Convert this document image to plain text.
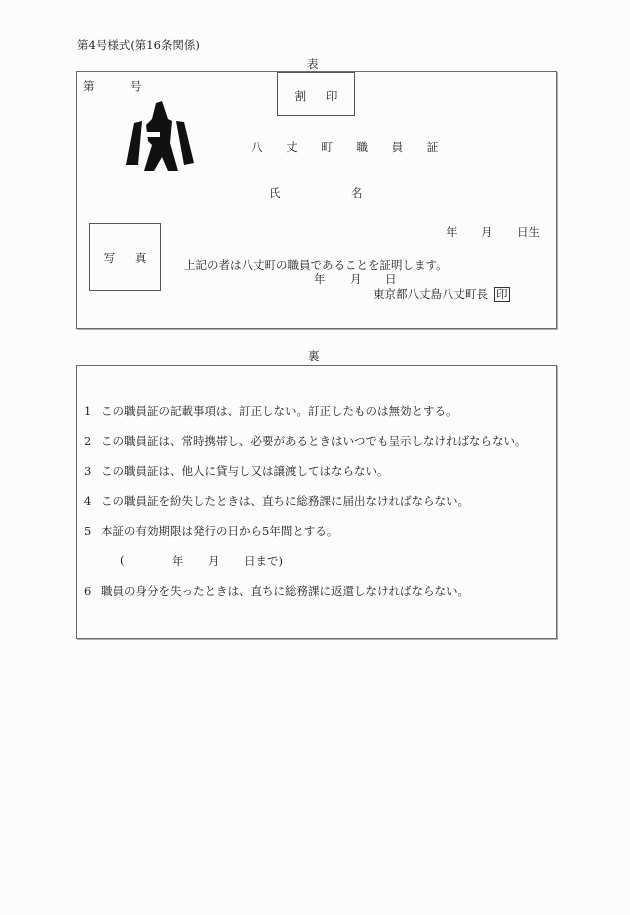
第4号様式(第16条関係)
表
第	号
割 印
八 丈 町 職 員 証
氏	名
年 月 日生
写 真	上記の者は八丈町の職員であることを証明します。
年 月 日
東京都八丈島八丈町長 印
裏
1 この職員証の記載事項は、訂正しない。訂正したものは無効とする。
2 この職員証は、常時携帯し、必要があるときはいつでも呈示しなければならない。
3 この職員証は、他人に貸与し又は譲渡してはならない。
4 この職員証を紛失したときは、直ちに総務課に届出なければならない。
5 本証の有効期限は発行の日から5年間とする。
(	年 月 日まで)
6 職員の身分を失ったときは、直ちに総務課に返還しなければならない。
